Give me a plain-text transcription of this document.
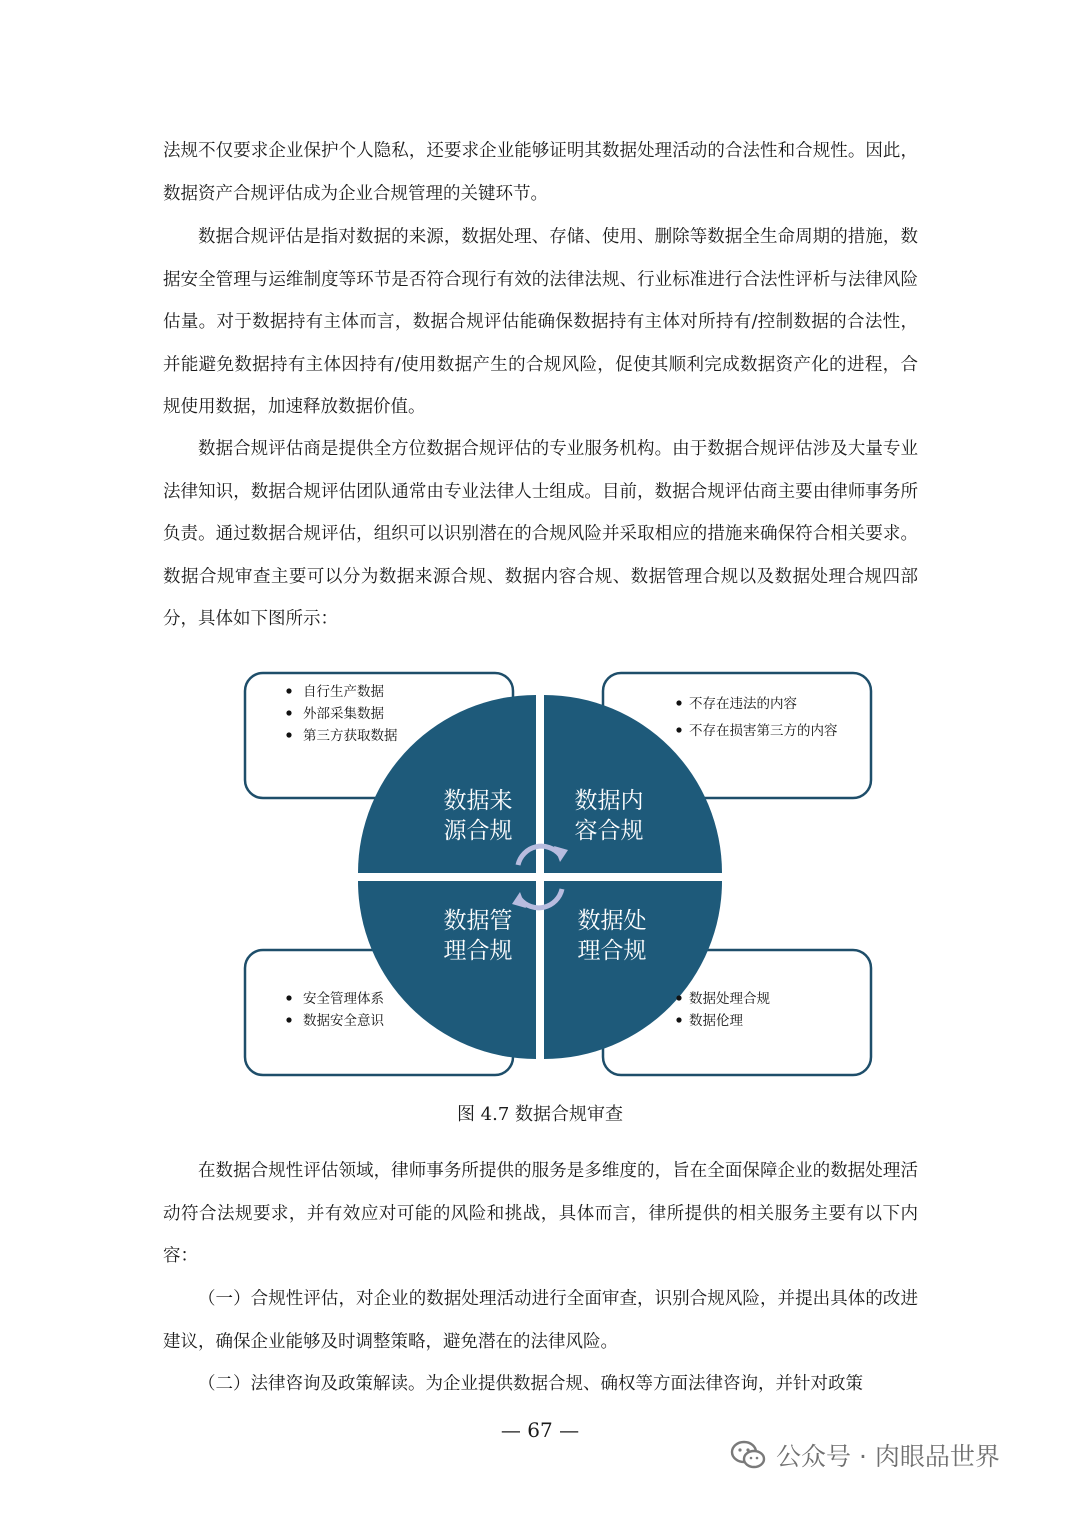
法规不仅要求企业保护个人隐私，还要求企业能够证明其数据处理活动的合法性和合规性。因此，数据资产合规评估成为企业合规管理的关键环节。

数据合规评估是指对数据的来源，数据处理、存储、使用、删除等数据全生命周期的措施，数据安全管理与运维制度等环节是否符合现行有效的法律法规、行业标准进行合法性评析与法律风险估量。对于数据持有主体而言，数据合规评估能确保数据持有主体对所持有/控制数据的合法性，并能避免数据持有主体因持有/使用数据产生的合规风险，促使其顺利完成数据资产化的进程，合规使用数据，加速释放数据价值。

数据合规评估商是提供全方位数据合规评估的专业服务机构。由于数据合规评估涉及大量专业法律知识，数据合规评估团队通常由专业法律人士组成。目前，数据合规评估商主要由律师事务所负责。通过数据合规评估，组织可以识别潜在的合规风险并采取相应的措施来确保符合相关要求。数据合规审查主要可以分为数据来源合规、数据内容合规、数据管理合规以及数据处理合规四部分，具体如下图所示：

数据来
源合规
数据内
容合规
数据管
理合规
数据处
理合规
自行生产数据
外部采集数据
第三方获取数据
不存在违法的内容
不存在损害第三方的内容
安全管理体系
数据安全意识
数据处理合规
数据伦理
图 4.7 数据合规审查

在数据合规性评估领域，律师事务所提供的服务是多维度的，旨在全面保障企业的数据处理活动符合法规要求，并有效应对可能的风险和挑战，具体而言，律所提供的相关服务主要有以下内容：

（一）合规性评估，对企业的数据处理活动进行全面审查，识别合规风险，并提出具体的改进建议，确保企业能够及时调整策略，避免潜在的法律风险。

（二）法律咨询及政策解读。为企业提供数据合规、确权等方面法律咨询，并针对政策

— 67 —
公众号 · 肉眼品世界
